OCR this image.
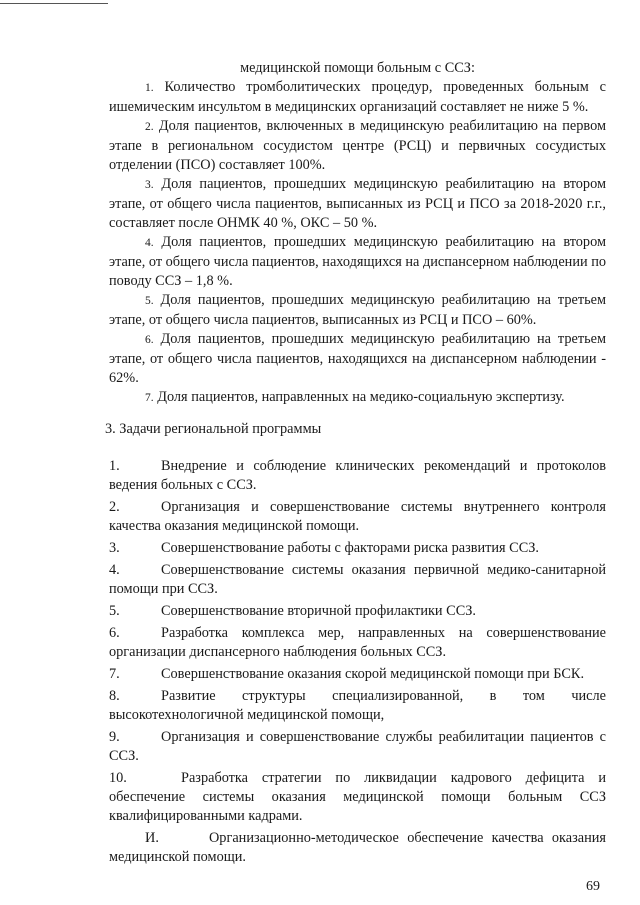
медицинской помощи больным с ССЗ:

1. Количество тромболитических процедур, проведенных больным с ишемическим инсультом в медицинских организаций составляет не ниже 5 %.

2. Доля пациентов, включенных в медицинскую реабилитацию на первом этапе в региональном сосудистом центре (РСЦ) и первичных сосудистых отделении (ПСО) составляет 100%.

3. Доля пациентов, прошедших медицинскую реабилитацию на втором этапе, от общего числа пациентов, выписанных из РСЦ и ПСО за 2018-2020 г.г., составляет после ОНМК 40 %, ОКС – 50 %.

4. Доля пациентов, прошедших медицинскую реабилитацию на втором этапе, от общего числа пациентов, находящихся на диспансерном наблюдении по поводу ССЗ – 1,8 %.

5. Доля пациентов, прошедших медицинскую реабилитацию на третьем этапе, от общего числа пациентов, выписанных из РСЦ и ПСО – 60%.

6. Доля пациентов, прошедших медицинскую реабилитацию на третьем этапе, от общего числа пациентов, находящихся на диспансерном наблюдении - 62%.

7. Доля пациентов, направленных на медико-социальную экспертизу.

3. Задачи региональной программы

1.	Внедрение и соблюдение клинических рекомендаций и протоколов ведения больных с ССЗ.

2.	Организация и совершенствование системы внутреннего контроля качества оказания медицинской помощи.

3.	Совершенствование работы с факторами риска развития ССЗ.

4.	Совершенствование системы оказания первичной медико-санитарной помощи при ССЗ.

5.	Совершенствование вторичной профилактики ССЗ.

6.	Разработка комплекса мер, направленных на совершенствование организации диспансерного наблюдения больных ССЗ.

7.	Совершенствование оказания скорой медицинской помощи при БСК.

8.	Развитие структуры специализированной, в том числе высокотехнологичной медицинской помощи,

9.	Организация и совершенствование службы реабилитации пациентов с ССЗ.

10.	Разработка стратегии по ликвидации кадрового дефицита и обеспечение системы оказания медицинской помощи больным ССЗ квалифицированными кадрами.

И.	Организационно-методическое обеспечение качества оказания медицинской помощи.

69
